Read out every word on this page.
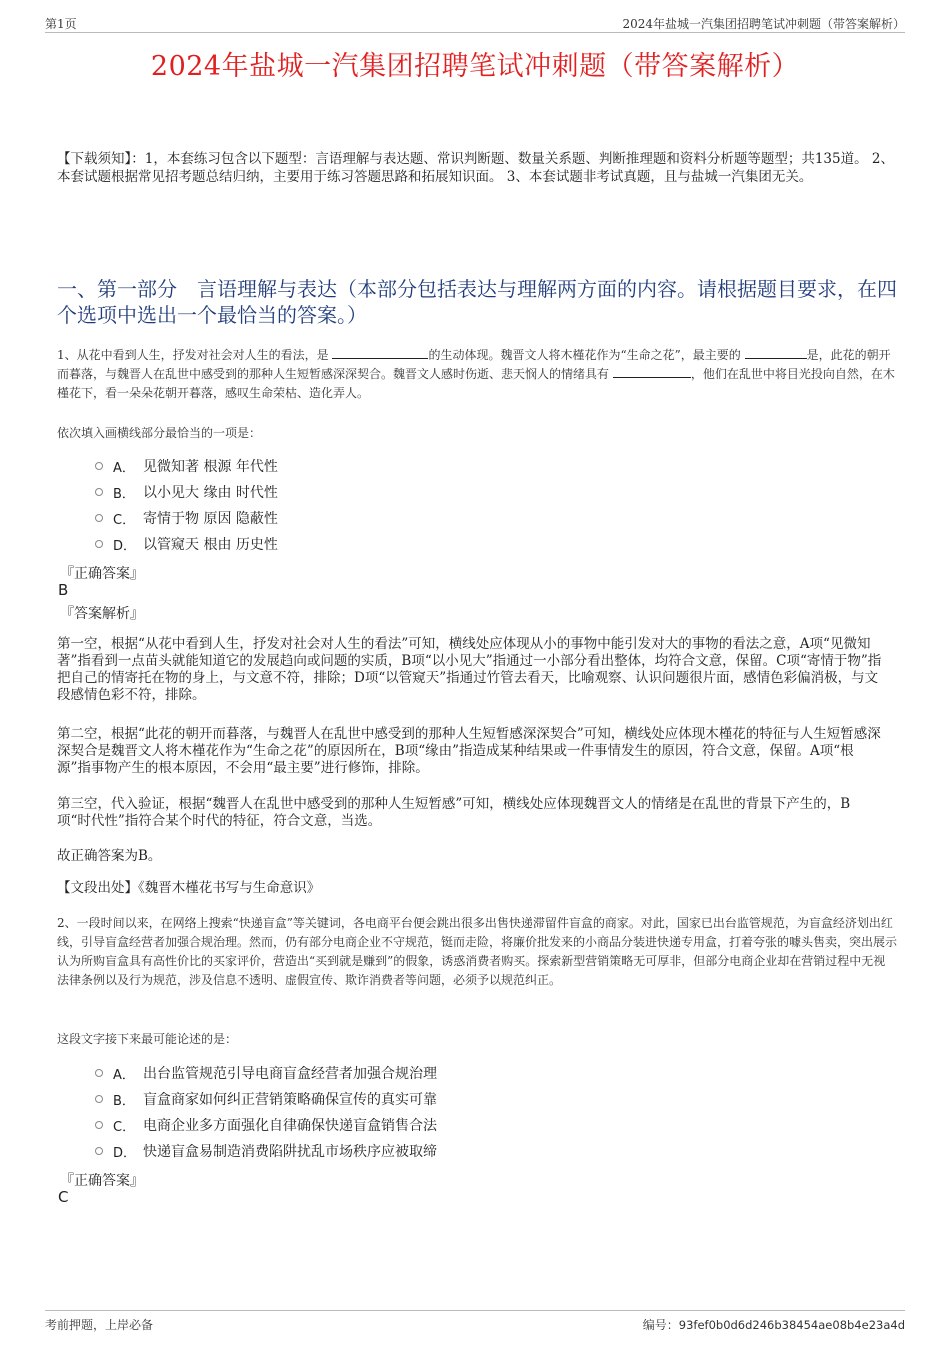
第1页	2024年盐城一汽集团招聘笔试冲刺题（带答案解析）
2024年盐城一汽集团招聘笔试冲刺题（带答案解析）
【下载须知】：1，本套练习包含以下题型：言语理解与表达题、常识判断题、数量关系题、判断推理题和资料分析题等题型；共135道。 2、本套试题根据常见招考题总结归纳，主要用于练习答题思路和拓展知识面。 3、本套试题非考试真题，且与盐城一汽集团无关。
一、第一部分　言语理解与表达（本部分包括表达与理解两方面的内容。请根据题目要求，在四个选项中选出一个最恰当的答案。）
1、从花中看到人生，抒发对社会对人生的看法，是	的生动体现。魏晋文人将木槿花作为“生命之花”，最主要的	是，此花的朝开而暮落，与魏晋人在乱世中感受到的那种人生短暂感深深契合。魏晋文人感时伤逝、悲天悯人的情绪具有	，他们在乱世中将目光投向自然，在木槿花下，看一朵朵花朝开暮落，感叹生命荣枯、造化弄人。
依次填入画横线部分最恰当的一项是：
A． 见微知著 根源 年代性
B． 以小见大 缘由 时代性
C． 寄情于物 原因 隐蔽性
D． 以管窥天 根由 历史性
『正确答案』
B
『答案解析』
第一空，根据“从花中看到人生，抒发对社会对人生的看法”可知，横线处应体现从小的事物中能引发对大的事物的看法之意，A项“见微知著”指看到一点苗头就能知道它的发展趋向或问题的实质，B项“以小见大”指通过一小部分看出整体，均符合文意，保留。C项“寄情于物”指把自己的情寄托在物的身上，与文意不符，排除；D项“以管窥天”指通过竹管去看天，比喻观察、认识问题很片面，感情色彩偏消极，与文段感情色彩不符，排除。
第二空，根据“此花的朝开而暮落，与魏晋人在乱世中感受到的那种人生短暂感深深契合”可知，横线处应体现木槿花的特征与人生短暂感深深契合是魏晋文人将木槿花作为“生命之花”的原因所在，B项“缘由”指造成某种结果或一件事情发生的原因，符合文意，保留。A项“根源”指事物产生的根本原因，不会用“最主要”进行修饰，排除。
第三空，代入验证，根据“魏晋人在乱世中感受到的那种人生短暂感”可知，横线处应体现魏晋文人的情绪是在乱世的背景下产生的，B项“时代性”指符合某个时代的特征，符合文意，当选。
故正确答案为B。
【文段出处】《魏晋木槿花书写与生命意识》
2、一段时间以来，在网络上搜索“快递盲盒”等关键词，各电商平台便会跳出很多出售快递滞留件盲盒的商家。对此，国家已出台监管规范，为盲盒经济划出红线，引导盲盒经营者加强合规治理。然而，仍有部分电商企业不守规范，铤而走险，将廉价批发来的小商品分装进快递专用盒，打着夸张的噱头售卖，突出展示认为所购盲盒具有高性价比的买家评价，营造出“买到就是赚到”的假象，诱惑消费者购买。探索新型营销策略无可厚非，但部分电商企业却在营销过程中无视法律条例以及行为规范，涉及信息不透明、虚假宣传、欺诈消费者等问题，必须予以规范纠正。
这段文字接下来最可能论述的是：
A． 出台监管规范引导电商盲盒经营者加强合规治理
B． 盲盒商家如何纠正营销策略确保宣传的真实可靠
C． 电商企业多方面强化自律确保快递盲盒销售合法
D． 快递盲盒易制造消费陷阱扰乱市场秩序应被取缔
『正确答案』
C
考前押题，上岸必备	编号：93fef0b0d6d246b38454ae08b4e23a4d
